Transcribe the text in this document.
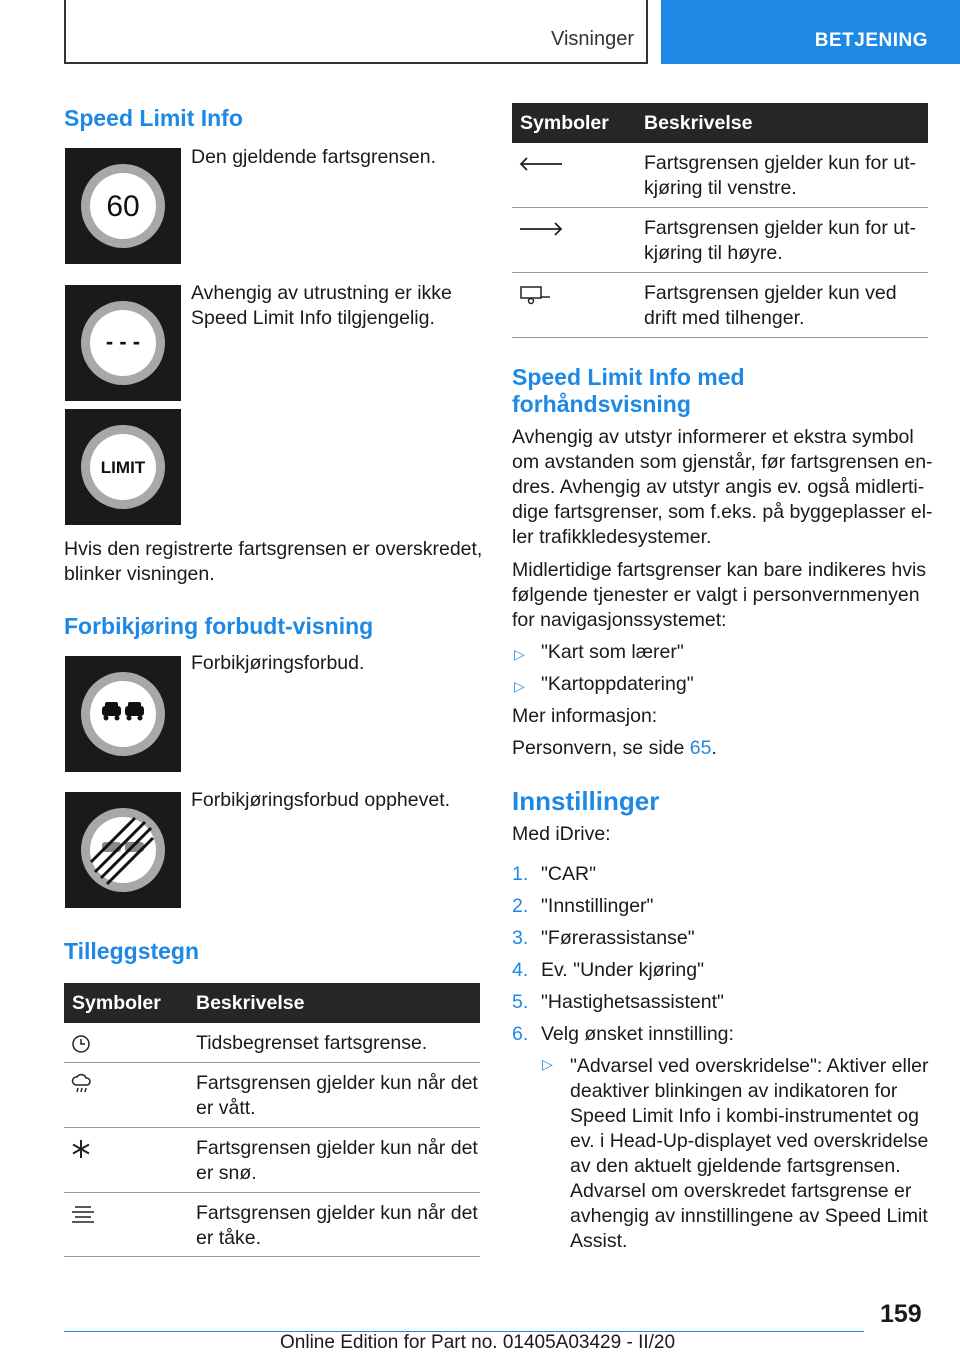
Visninger	BETJENING
Speed Limit Info
60
Den gjeldende fartsgrensen.
- - -
Avhengig av utrustning er ikke
Speed Limit Info tilgjengelig.
LIMIT
Hvis den registrerte fartsgrensen er overskredet,
blinker visningen.
Forbikjøring forbudt-visning
Forbikjøringsforbud.
Forbikjøringsforbud opphevet.
Tilleggstegn
Symboler Beskrivelse
Tidsbegrenset fartsgrense.
Fartsgrensen gjelder kun når det
er vått.
Fartsgrensen gjelder kun når det
er snø.
Fartsgrensen gjelder kun når det
er tåke.
Symboler Beskrivelse
Fartsgrensen gjelder kun for ut-
kjøring til venstre.
Fartsgrensen gjelder kun for ut-
kjøring til høyre.
Fartsgrensen gjelder kun ved
drift med tilhenger.
Speed Limit Info med
forhåndsvisning
Avhengig av utstyr informerer et ekstra symbol
om avstanden som gjenstår, før fartsgrensen en-
dres. Avhengig av utstyr angis ev. også midlerti-
dige fartsgrenser, som f.eks. på byggeplasser el-
ler trafikkledesystemer.
Midlertidige fartsgrenser kan bare indikeres hvis
følgende tjenester er valgt i personvernmenyen
for navigasjonssystemet:
▷ "Kart som lærer"
▷ "Kartoppdatering"
Mer informasjon:
Personvern, se side 65.
Innstillinger
Med iDrive:
1. "CAR"
2. "Innstillinger"
3. "Førerassistanse"
4. Ev. "Under kjøring"
5. "Hastighetsassistent"
6. Velg ønsket innstilling:
▷ "Advarsel ved overskridelse": Aktiver eller
deaktiver blinkingen av indikatoren for
Speed Limit Info i kombi-instrumentet og
ev. i Head-Up-displayet ved overskridelse
av den aktuelt gjeldende fartsgrensen.
Advarsel om overskredet fartsgrense er
avhengig av innstillingene av Speed Limit
Assist.
159
Online Edition for Part no. 01405A03429 - II/20
